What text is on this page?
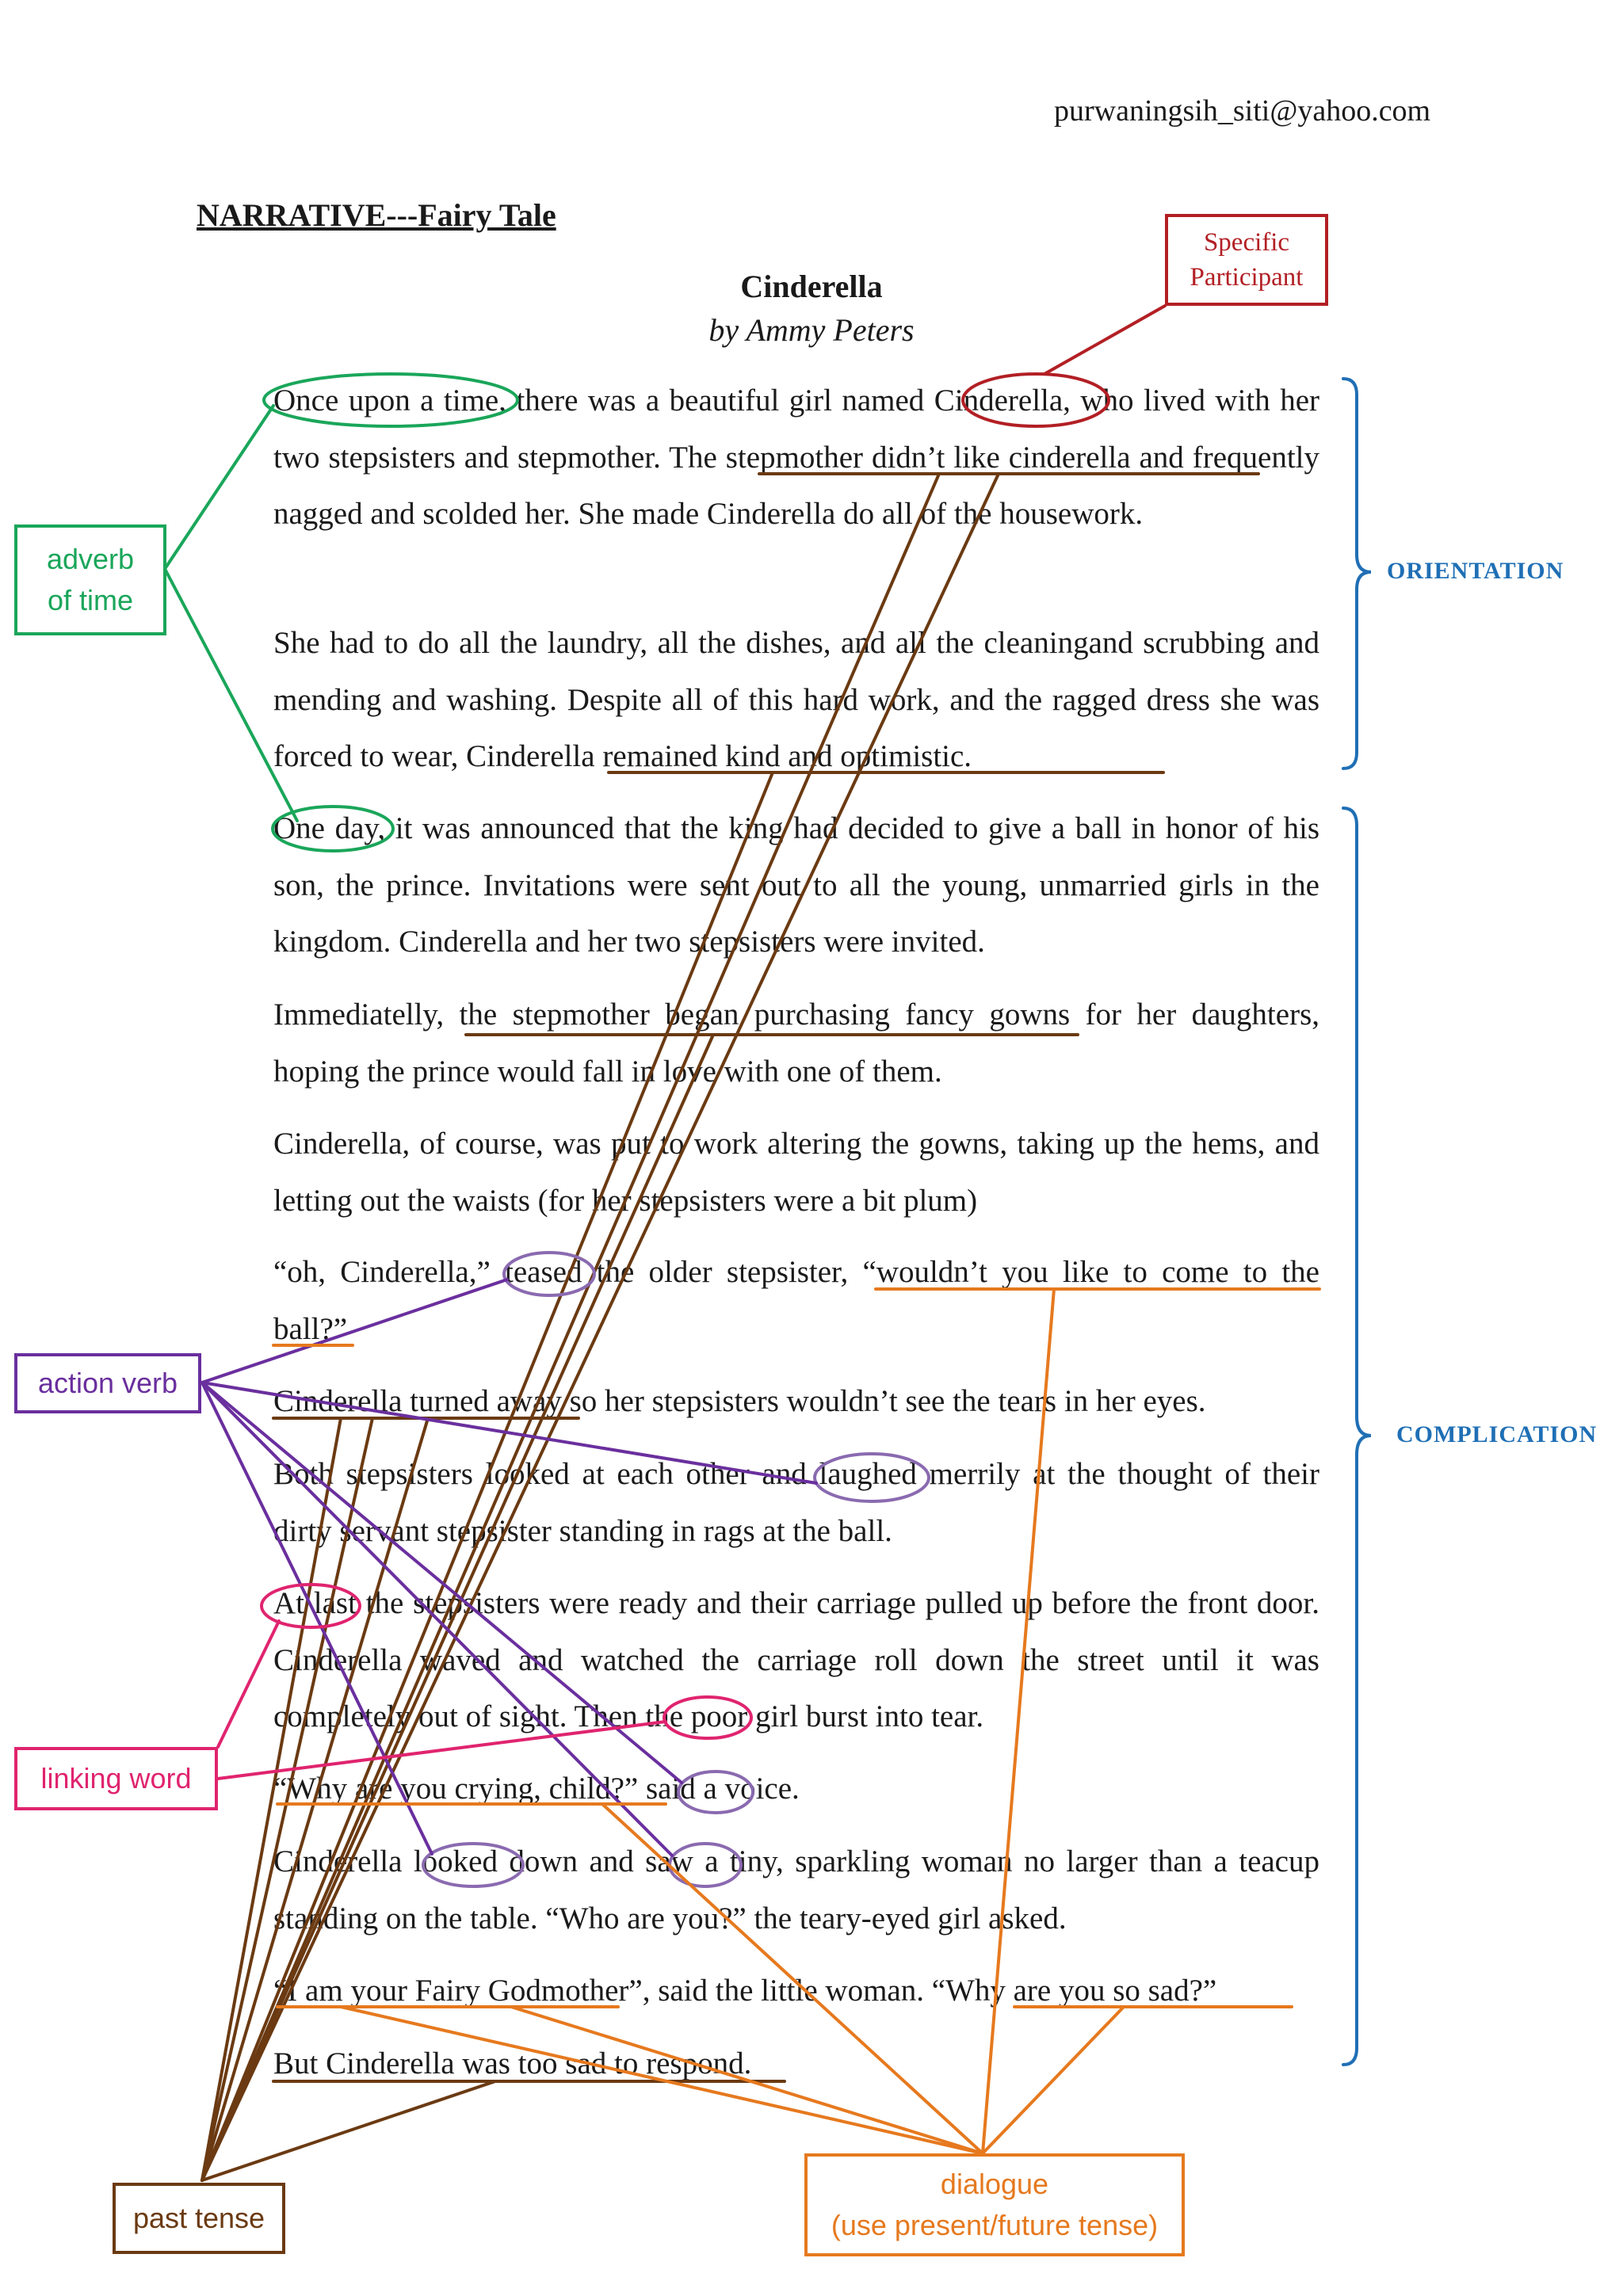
purwaningsih_siti@yahoo.com
NARRATIVE---Fairy Tale
Cinderella
by Ammy Peters

Once upon a time, there was a beautiful girl named Cinderella, who lived with her two stepsisters and stepmother. The stepmother didn’t like cinderella and frequently nagged and scolded her. She made Cinderella do all of the housework.

She had to do all the laundry, all the dishes, and all the cleaningand scrubbing and mending and washing. Despite all of this hard work, and the ragged dress she was forced to wear, Cinderella remained kind and optimistic.

One day, it was announced that the king had decided to give a ball in honor of his son, the prince. Invitations were sent out to all the young, unmarried girls in the kingdom. Cinderella and her two stepsisters were invited.

Immediatelly, the stepmother began purchasing fancy gowns for her daughters, hoping the prince would fall in love with one of them.

Cinderella, of course, was put to work altering the gowns, taking up the hems, and letting out the waists (for her stepsisters were a bit plum)

“oh, Cinderella,” teased the older stepsister, “wouldn’t you like to come to the ball?”

Cinderella turned away so her stepsisters wouldn’t see the tears in her eyes.

Both stepsisters looked at each other and laughed merrily at the thought of their dirty servant stepsister standing in rags at the ball.

At last the stepsisters were ready and their carriage pulled up before the front door. Cinderella waved and watched the carriage roll down the street until it was completely out of sight. Then the poor girl burst into tear.

“Why are you crying, child?” said a voice.

Cinderella looked down and saw a tiny, sparkling woman no larger than a teacup standing on the table. “Who are you?” the teary-eyed girl asked.

“I am your Fairy Godmother”, said the little woman. “Why are you so sad?”

But Cinderella was too sad to respond.

Specific
Participant
adverb
of time
action verb
linking word
past tense
dialogue
(use present/future tense)
ORIENTATION
COMPLICATION
